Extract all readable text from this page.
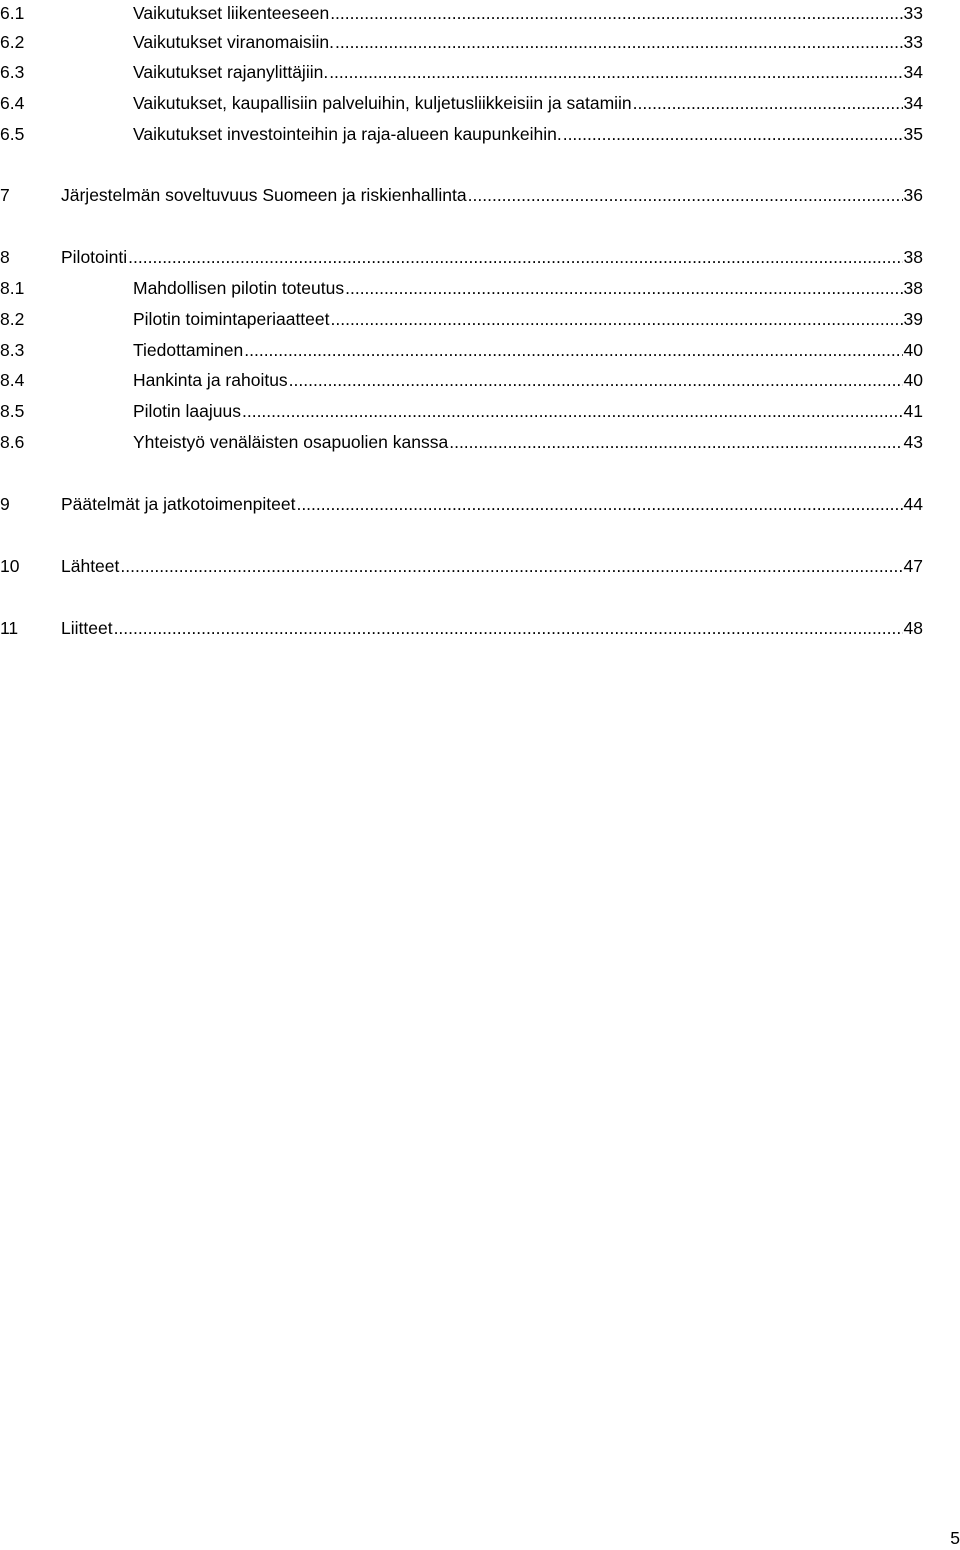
6.1	Vaikutukset liikenteeseen .....	33
6.2	Vaikutukset viranomaisiin. .....	33
6.3	Vaikutukset rajanylittäjiin. .....	34
6.4	Vaikutukset, kaupallisiin palveluihin, kuljetusliikkeisiin ja satamiin .....	34
6.5	Vaikutukset investointeihin ja raja-alueen kaupunkeihin. .....	35
7	Järjestelmän soveltuvuus Suomeen ja riskienhallinta .....	36
8	Pilotointi .....	38
8.1	Mahdollisen pilotin toteutus .....	38
8.2	Pilotin toimintaperiaatteet .....	39
8.3	Tiedottaminen .....	40
8.4	Hankinta ja rahoitus .....	40
8.5	Pilotin laajuus .....	41
8.6	Yhteistyö venäläisten osapuolien kanssa .....	43
9	Päätelmät ja jatkotoimenpiteet .....	44
10	Lähteet .....	47
11	Liitteet .....	48
5
